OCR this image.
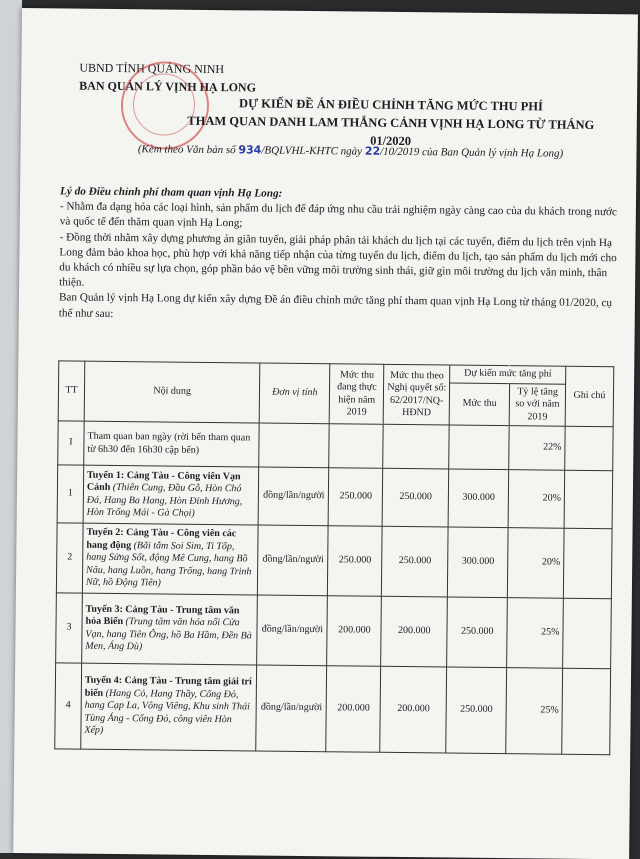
UBND TỈNH QUẢNG NINH
BAN QUẢN LÝ VỊNH HẠ LONG
DỰ KIẾN ĐỀ ÁN ĐIỀU CHỈNH TĂNG MỨC THU PHÍ
THAM QUAN DANH LAM THẮNG CẢNH VỊNH HẠ LONG TỪ THÁNG 01/2020
(Kèm theo Văn bản số 934/BQLVHL-KHTC ngày 22/10/2019 của Ban Quản lý vịnh Hạ Long)

Lý do Điều chỉnh phí tham quan vịnh Hạ Long:

- Nhằm đa dạng hóa các loại hình, sản phẩm du lịch để đáp ứng nhu cầu trải nghiệm ngày càng cao của du khách trong nước và quốc tế đến thăm quan vịnh Hạ Long;

- Đồng thời nhằm xây dựng phương án giãn tuyến, giải pháp phân tải khách du lịch tại các tuyến, điểm du lịch trên vịnh Hạ Long đảm bảo khoa học, phù hợp với khả năng tiếp nhận của từng tuyến du lịch, điểm du lịch, tạo sản phẩm du lịch mới cho du khách có nhiều sự lựa chọn, góp phần bảo vệ bền vững môi trường sinh thái, giữ gìn môi trường du lịch văn minh, thân thiện.

Ban Quản lý vịnh Hạ Long dự kiến xây dựng Đề án điều chỉnh mức tăng phí tham quan vịnh Hạ Long từ tháng 01/2020, cụ thể như sau:

TT	Nội dung	Đơn vị tính	Mức thu đang thực hiện năm 2019	Mức thu theo Nghị quyết số: 62/2017/NQ-HĐND	Dự kiến mức tăng phí		Ghi chú
					Mức thu	Tỷ lệ tăng so với năm 2019	
I	Tham quan ban ngày (rời bến tham quan từ 6h30 đến 16h30 cập bến)					22%	
1	Tuyến 1: Cảng Tàu - Công viên Vạn Cảnh (Thiên Cung, Đầu Gỗ, Hòn Chó Đá, Hang Ba Hang, Hòn Đỉnh Hương, Hòn Trống Mái - Gà Chọi)	đồng/lần/người	250.000	250.000	300.000	20%	
2	Tuyến 2: Cảng Tàu - Công viên các hang động (Bãi tắm Soi Sim, Ti Tốp, hang Sửng Sốt, động Mê Cung, hang Bồ Nâu, hang Luồn, hang Trống, hang Trinh Nữ, hồ Động Tiên)	đồng/lần/người	250.000	250.000	300.000	20%	
3	Tuyến 3: Cảng Tàu - Trung tâm văn hóa Biển (Trung tâm văn hóa nổi Cửa Vạn, hang Tiên Ông, hồ Ba Hầm, Đền Bà Men, Áng Dù)	đồng/lần/người	200.000	200.000	250.000	25%	
4	Tuyến 4: Cảng Tàu - Trung tâm giải trí biển (Hang Cỏ, Hang Thầy, Cống Đỏ, hang Cạp La, Vông Viêng, Khu sinh Thái Tùng Áng - Cống Đỏ, công viên Hòn Xếp)	đồng/lần/người	200.000	200.000	250.000	25%	
